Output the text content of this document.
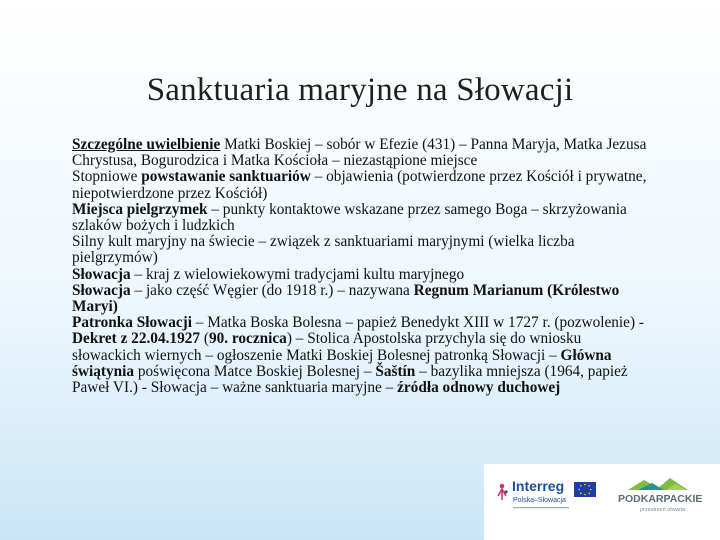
Sanktuaria maryjne na Słowacji

Szczególne uwielbienie Matki Boskiej – sobór w Efezie (431) – Panna Maryja, Matka Jezusa Chrystusa, Bogurodzica i Matka Kościoła – niezastąpione miejsce

Stopniowe powstawanie sanktuariów – objawienia (potwierdzone przez Kościół i prywatne, niepotwierdzone przez Kościół)

Miejsca pielgrzymek – punkty kontaktowe wskazane przez samego Boga – skrzyżowania szlaków bożych i ludzkich

Silny kult maryjny na świecie – związek z sanktuariami maryjnymi (wielka liczba pielgrzymów)

Słowacja – kraj z wielowiekowymi tradycjami kultu maryjnego

Słowacja – jako część Węgier (do 1918 r.) – nazywana Regnum Marianum (Królestwo Maryi)

Patronka Słowacji – Matka Boska Bolesna – papież Benedykt XIII w 1727 r. (pozwolenie) - Dekret z 22.04.1927 (90. rocznica) – Stolica Apostolska przychyla się do wniosku słowackich wiernych – ogłoszenie Matki Boskiej Bolesnej patronką Słowacji – Główna świątynia poświęcona Matce Boskiej Bolesnej – Šaštín – bazylika mniejsza (1964, papież Paweł VI.) - Słowacja – ważne sanktuaria maryjne – źródła odnowy duchowej

Interreg
Polska–Słowacja	PODKARPACKIE
przestrzeń otwarta
